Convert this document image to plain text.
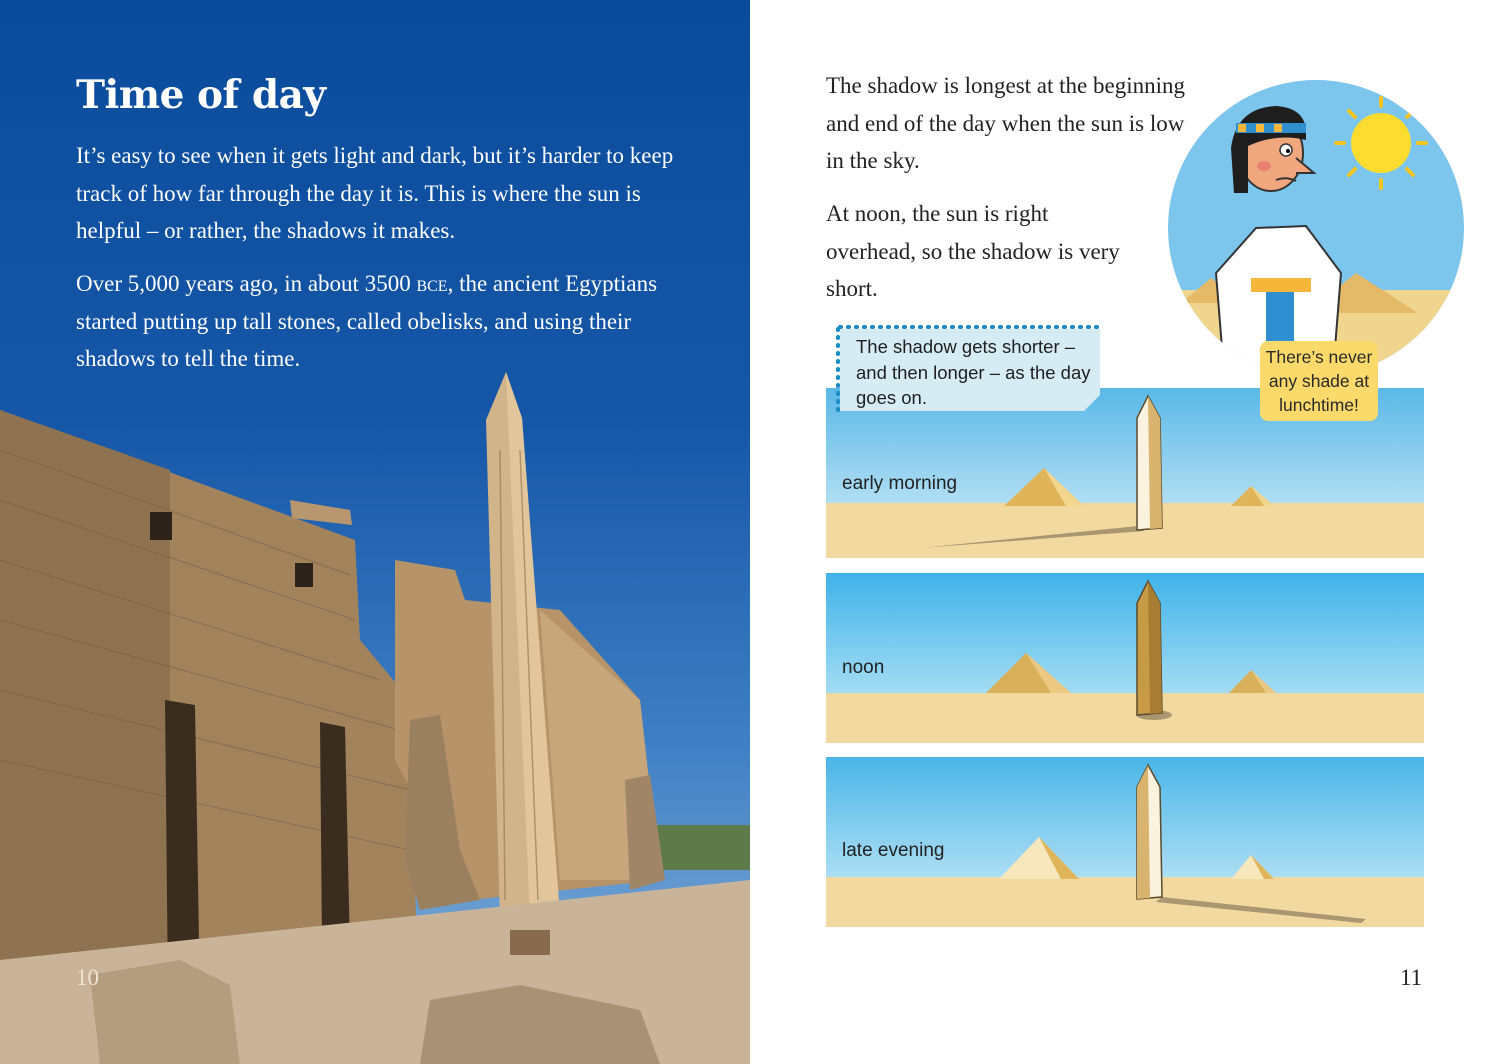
Time of day

It’s easy to see when it gets light and dark, but it’s harder to keep track of how far through the day it is. This is where the sun is helpful – or rather, the shadows it makes.

Over 5,000 years ago, in about 3500 bce, the ancient Egyptians started putting up tall stones, called obelisks, and using their shadows to tell the time.

10

The shadow is longest at the beginning and end of the day when the sun is low in the sky.

At noon, the sun is right overhead, so the shadow is very short.

early morning
noon
late evening
The shadow gets shorter – and then longer – as the day goes on.
There’s never any shade at lunchtime!
11
